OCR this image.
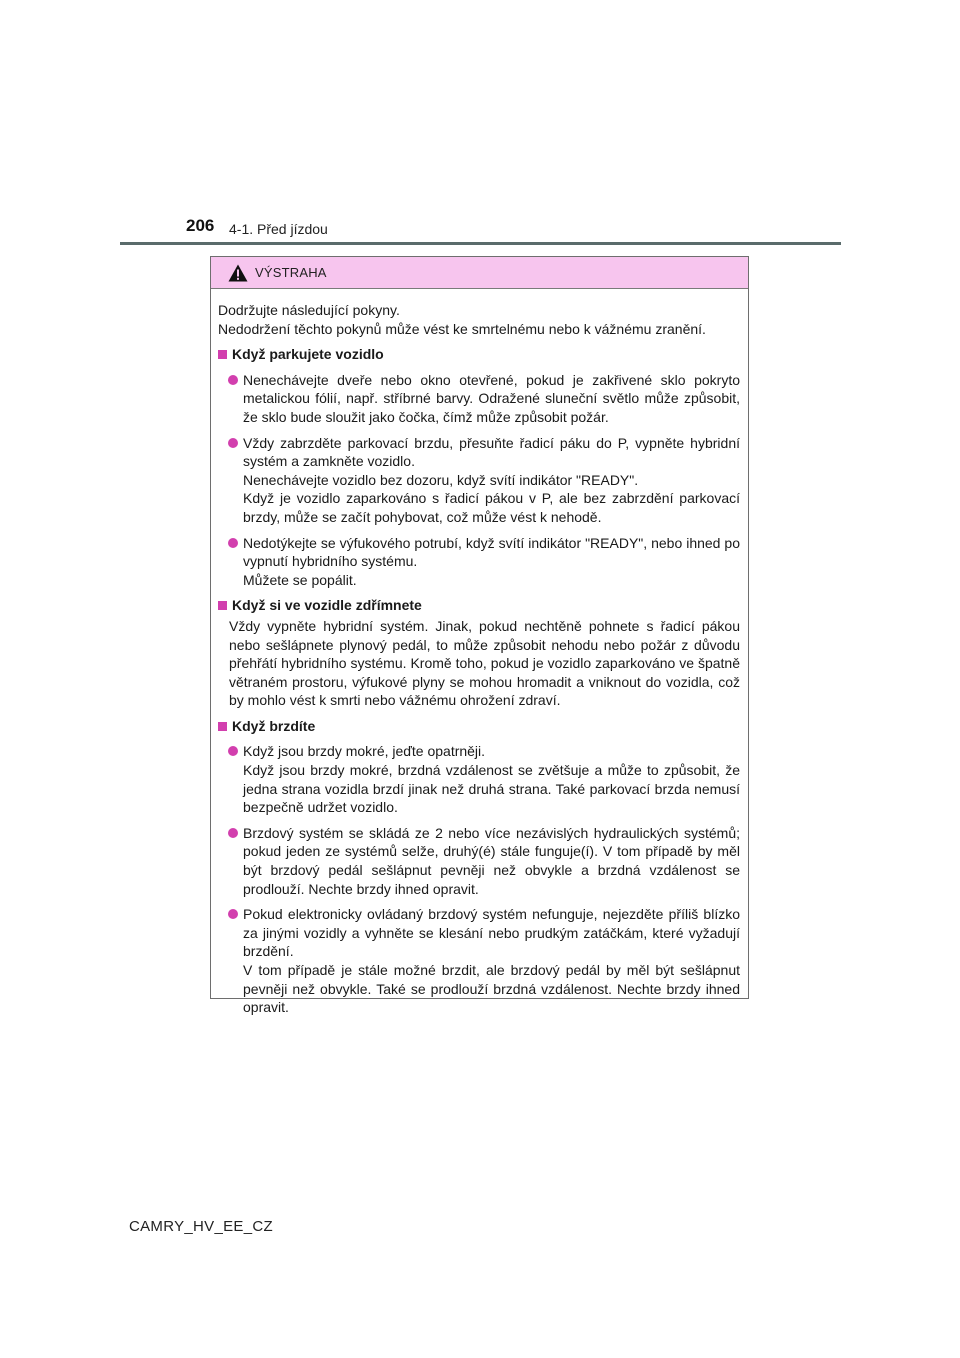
206 4-1. Před jízdou
VÝSTRAHA

Dodržujte následující pokyny.

Nedodržení těchto pokynů může vést ke smrtelnému nebo k vážnému zranění.

Když parkujete vozidlo

Nenechávejte dveře nebo okno otevřené, pokud je zakřivené sklo pokryto metalickou fólií, např. stříbrné barvy. Odražené sluneční světlo může způsobit, že sklo bude sloužit jako čočka, čímž může způsobit požár.

Vždy zabrzděte parkovací brzdu, přesuňte řadicí páku do P, vypněte hybridní systém a zamkněte vozidlo.

Nenechávejte vozidlo bez dozoru, když svítí indikátor "READY".

Když je vozidlo zaparkováno s řadicí pákou v P, ale bez zabrzdění parkovací brzdy, může se začít pohybovat, což může vést k nehodě.

Nedotýkejte se výfukového potrubí, když svítí indikátor "READY", nebo ihned po vypnutí hybridního systému.

Můžete se popálit.

Když si ve vozidle zdřímnete

Vždy vypněte hybridní systém. Jinak, pokud nechtěně pohnete s řadicí pákou nebo sešlápnete plynový pedál, to může způsobit nehodu nebo požár z důvodu přehřátí hybridního systému. Kromě toho, pokud je vozidlo zaparkováno ve špatně větraném prostoru, výfukové plyny se mohou hromadit a vniknout do vozidla, což by mohlo vést k smrti nebo vážnému ohrožení zdraví.

Když brzdíte

Když jsou brzdy mokré, jeďte opatrněji.

Když jsou brzdy mokré, brzdná vzdálenost se zvětšuje a může to způsobit, že jedna strana vozidla brzdí jinak než druhá strana. Také parkovací brzda nemusí bezpečně udržet vozidlo.

Brzdový systém se skládá ze 2 nebo více nezávislých hydraulických systémů; pokud jeden ze systémů selže, druhý(é) stále funguje(í). V tom případě by měl být brzdový pedál sešlápnut pevněji než obvykle a brzdná vzdálenost se prodlouží. Nechte brzdy ihned opravit.

Pokud elektronicky ovládaný brzdový systém nefunguje, nejezděte příliš blízko za jinými vozidly a vyhněte se klesání nebo prudkým zatáčkám, které vyžadují brzdění.

V tom případě je stále možné brzdit, ale brzdový pedál by měl být sešlápnut pevněji než obvykle. Také se prodlouží brzdná vzdálenost. Nechte brzdy ihned opravit.

CAMRY_HV_EE_CZ
